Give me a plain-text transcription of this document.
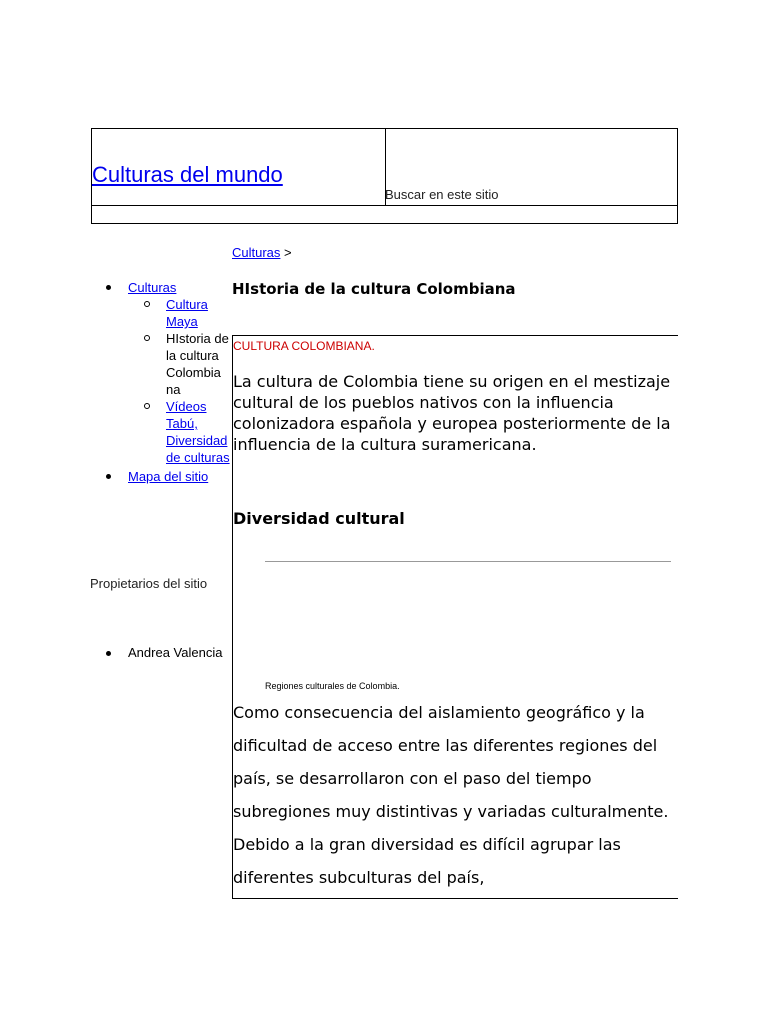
Culturas del mundo
Buscar en este sitio
Culturas >
Culturas
Cultura Maya
HIstoria de la cultura Colombia na
Vídeos Tabú, Diversidad de culturas
Mapa del sitio
Propietarios del sitio
Andrea Valencia
HIstoria de la cultura Colombiana
CULTURA COLOMBIANA.

La cultura de Colombia tiene su origen en el mestizaje cultural de los pueblos nativos con la influencia colonizadora española y europea posteriormente de la influencia de la cultura suramericana.

Diversidad cultural
Regiones culturales de Colombia.

Como consecuencia del aislamiento geográfico y la dificultad de acceso entre las diferentes regiones del país, se desarrollaron con el paso del tiempo subregiones muy distintivas y variadas culturalmente. Debido a la gran diversidad es difícil agrupar las diferentes subculturas del país,
